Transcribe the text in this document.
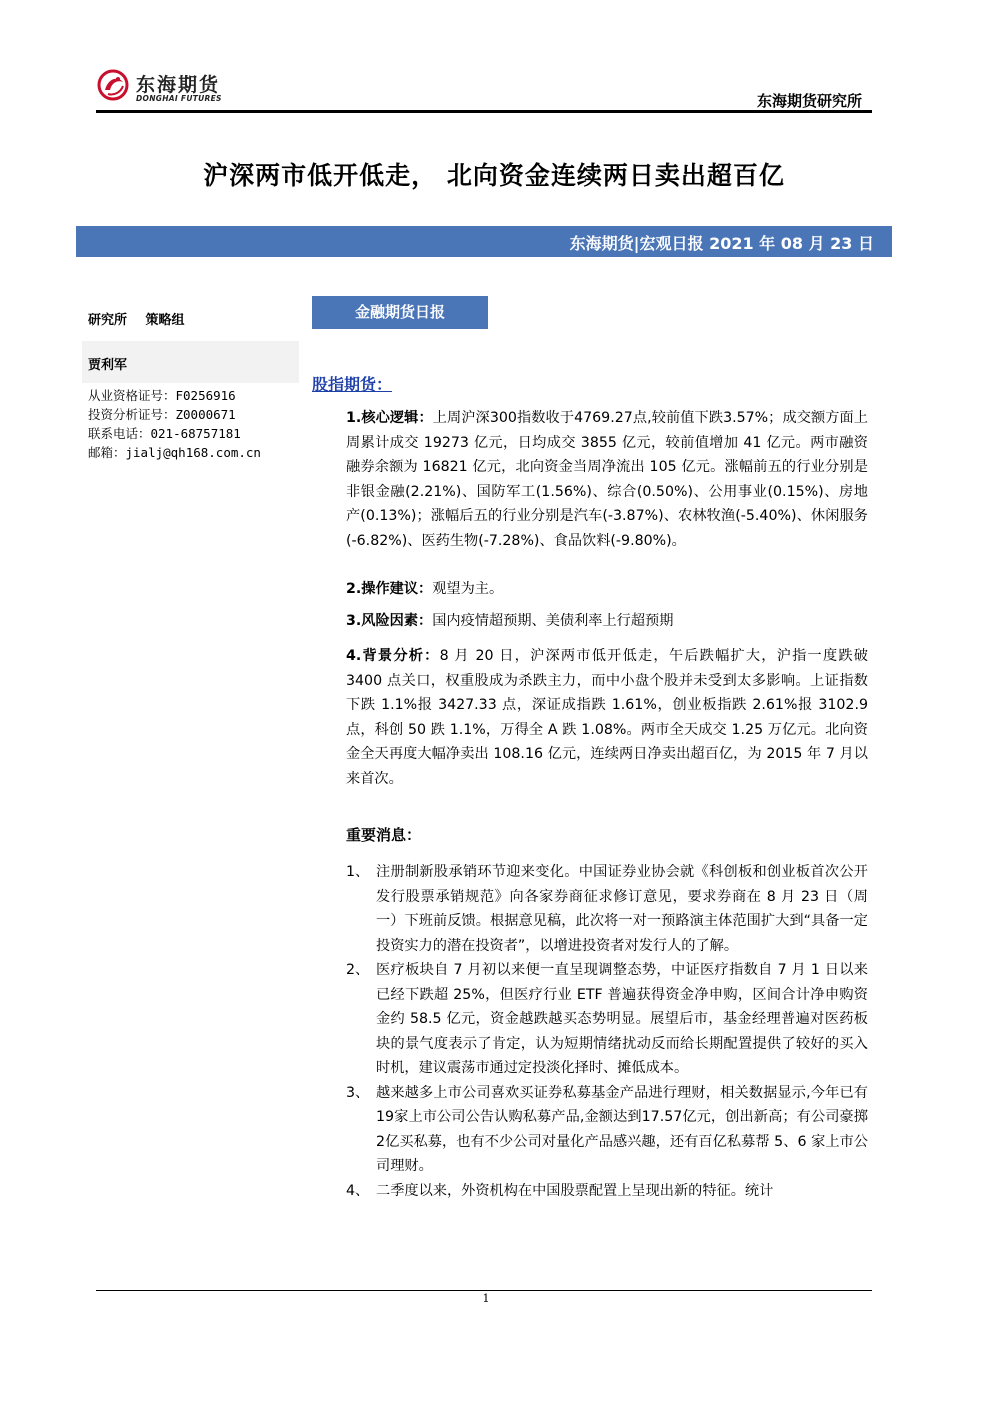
东海期货
DONGHAI FUTURES	东海期货研究所
沪深两市低开低走， 北向资金连续两日卖出超百亿
东海期货|宏观日报 2021 年 08 月 23 日
研究所 策略组
贾利军
从业资格证号：F0256916
投资分析证号：Z0000671
联系电话：021-68757181
邮箱：jialj@qh168.com.cn
金融期货日报
股指期货：
1.核心逻辑：上周沪深300指数收于4769.27点,较前值下跌3.57%；成交额方面上周累计成交 19273 亿元，日均成交 3855 亿元，较前值增加 41 亿元。两市融资融券余额为 16821 亿元，北向资金当周净流出 105 亿元。涨幅前五的行业分别是非银金融(2.21%)、国防军工(1.56%)、综合(0.50%)、公用事业(0.15%)、房地产(0.13%)；涨幅后五的行业分别是汽车(-3.87%)、农林牧渔(-5.40%)、休闲服务(-6.82%)、医药生物(-7.28%)、食品饮料(-9.80%)。
2.操作建议：观望为主。
3.风险因素：国内疫情超预期、美债利率上行超预期
4.背景分析：8 月 20 日，沪深两市低开低走，午后跌幅扩大，沪指一度跌破 3400 点关口，权重股成为杀跌主力，而中小盘个股并未受到太多影响。上证指数下跌 1.1%报 3427.33 点，深证成指跌 1.61%，创业板指跌 2.61%报 3102.9 点，科创 50 跌 1.1%，万得全 A 跌 1.08%。两市全天成交 1.25 万亿元。北向资金全天再度大幅净卖出 108.16 亿元，连续两日净卖出超百亿，为 2015 年 7 月以来首次。
重要消息：
1、 注册制新股承销环节迎来变化。中国证券业协会就《科创板和创业板首次公开发行股票承销规范》向各家券商征求修订意见，要求券商在 8 月 23 日（周一）下班前反馈。根据意见稿，此次将一对一预路演主体范围扩大到“具备一定投资实力的潜在投资者”，以增进投资者对发行人的了解。
2、 医疗板块自 7 月初以来便一直呈现调整态势，中证医疗指数自 7 月 1 日以来已经下跌超 25%，但医疗行业 ETF 普遍获得资金净申购，区间合计净申购资金约 58.5 亿元，资金越跌越买态势明显。展望后市，基金经理普遍对医药板块的景气度表示了肯定，认为短期情绪扰动反而给长期配置提供了较好的买入时机，建议震荡市通过定投淡化择时、摊低成本。
3、 越来越多上市公司喜欢买证券私募基金产品进行理财，相关数据显示,今年已有19家上市公司公告认购私募产品,金额达到17.57亿元，创出新高；有公司豪掷2亿买私募，也有不少公司对量化产品感兴趣，还有百亿私募帮 5、6 家上市公司理财。
4、 二季度以来，外资机构在中国股票配置上呈现出新的特征。统计
1
